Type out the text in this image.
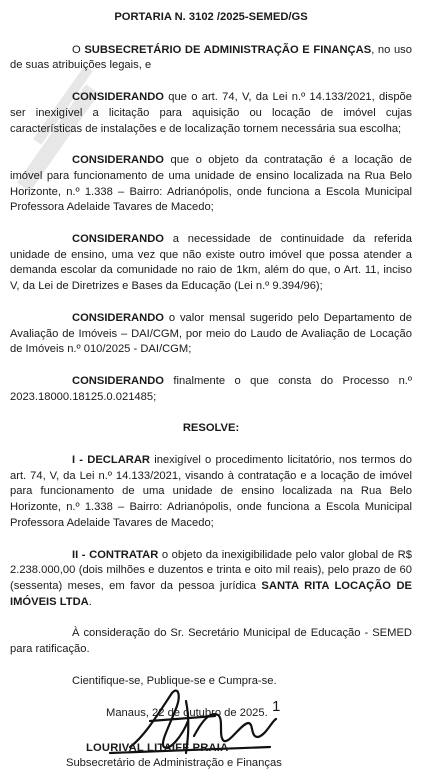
PORTARIA N. 3102 /2025-SEMED/GS

O SUBSECRETÁRIO DE ADMINISTRAÇÃO E FINANÇAS, no uso de suas atribuições legais, e

CONSIDERANDO que o art. 74, V, da Lei n.º 14.133/2021, dispõe ser inexigível a licitação para aquisição ou locação de imóvel cujas características de instalações e de localização tornem necessária sua escolha;

CONSIDERANDO que o objeto da contratação é a locação de imóvel para funcionamento de uma unidade de ensino localizada na Rua Belo Horizonte, n.º 1.338 – Bairro: Adrianópolis, onde funciona a Escola Municipal Professora Adelaide Tavares de Macedo;

CONSIDERANDO a necessidade de continuidade da referida unidade de ensino, uma vez que não existe outro imóvel que possa atender a demanda escolar da comunidade no raio de 1km, além do que, o Art. 11, inciso V, da Lei de Diretrizes e Bases da Educação (Lei n.º 9.394/96);

CONSIDERANDO o valor mensal sugerido pelo Departamento de Avaliação de Imóveis – DAI/CGM, por meio do Laudo de Avaliação de Locação de Imóveis n.º 010/2025 - DAI/CGM;

CONSIDERANDO finalmente o que consta do Processo n.º 2023.18000.18125.0.021485;

RESOLVE:

I - DECLARAR inexigível o procedimento licitatório, nos termos do art. 74, V, da Lei n.º 14.133/2021, visando à contratação e a locação de imóvel para funcionamento de uma unidade de ensino localizada na Rua Belo Horizonte, n.º 1.338 – Bairro: Adrianópolis, onde funciona a Escola Municipal Professora Adelaide Tavares de Macedo;

II - CONTRATAR o objeto da inexigibilidade pelo valor global de R$ 2.238.000,00 (dois milhões e duzentos e trinta e oito mil reais), pelo prazo de 60 (sessenta) meses, em favor da pessoa jurídica SANTA RITA LOCAÇÃO DE IMÓVEIS LTDA.

À consideração do Sr. Secretário Municipal de Educação - SEMED para ratificação.

Cientifique-se, Publique-se e Cumpra-se.

Manaus, 22 de outubro de 2025. 1
LOURIVAL LITAIFF PRAIA
Subsecretário de Administração e Finanças
